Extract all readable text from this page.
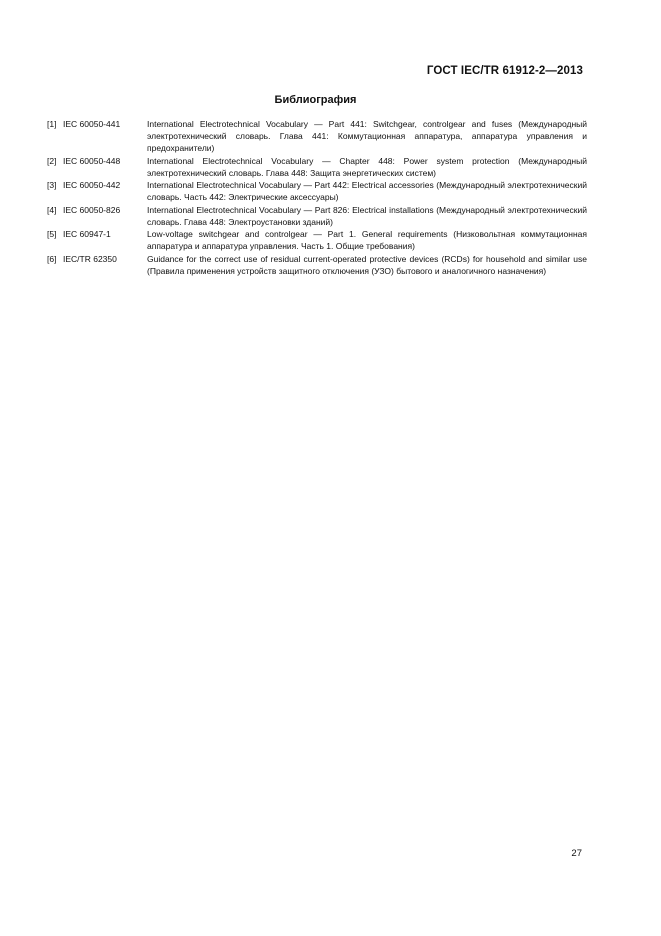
ГОСТ IEC/TR 61912-2—2013
Библиография
[1] IEC 60050-441	International Electrotechnical Vocabulary — Part 441: Switchgear, controlgear and fuses (Международный электротехнический словарь. Глава 441: Коммутационная аппаратура, аппаратура управления и предохранители)
[2] IEC 60050-448	International Electrotechnical Vocabulary — Chapter 448: Power system protection (Международный электротехнический словарь. Глава 448: Защита энергетических систем)
[3] IEC 60050-442	International Electrotechnical Vocabulary — Part 442: Electrical accessories (Международный электротехнический словарь. Часть 442: Электрические аксессуары)
[4] IEC 60050-826	International Electrotechnical Vocabulary — Part 826: Electrical installations (Международный электротехнический словарь. Глава 448: Электроустановки зданий)
[5] IEC 60947-1	Low-voltage switchgear and controlgear — Part 1. General requirements (Низковольтная коммутационная аппаратура и аппаратура управления. Часть 1. Общие требования)
[6] IEC/TR 62350	Guidance for the correct use of residual current-operated protective devices (RCDs) for household and similar use (Правила применения устройств защитного отключения (УЗО) бытового и аналогичного назначения)
27
